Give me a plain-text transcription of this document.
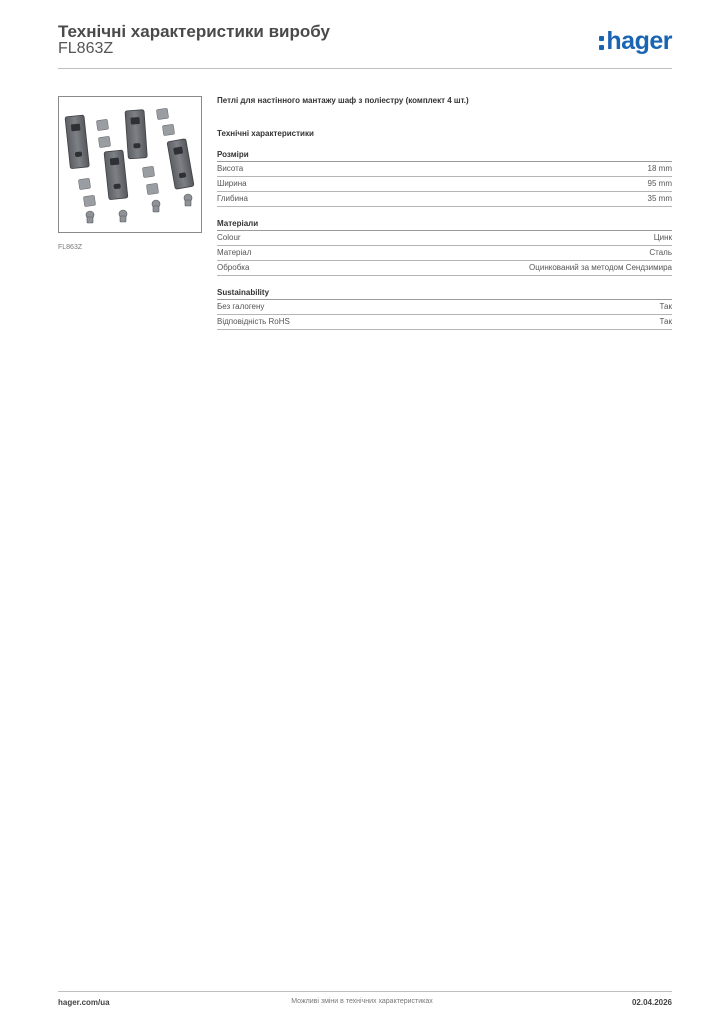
Технічні характеристики виробу
FL863Z	hager
FL863Z
Петлі для настінного мантажу шаф з поліестру (комплект 4 шт.)
Технічні характеристики
Розміри
Висота	18 mm
Ширина	95 mm
Глибина	35 mm
Матеріали
Colour	Цинк
Матеріал	Сталь
Обробка	Оцинкований за методом Сендзимира
Sustainability
Без галогену	Так
Відповідність RoHS	Так
hager.com/ua	Можливі зміни в технічних характеристиках	02.04.2026
